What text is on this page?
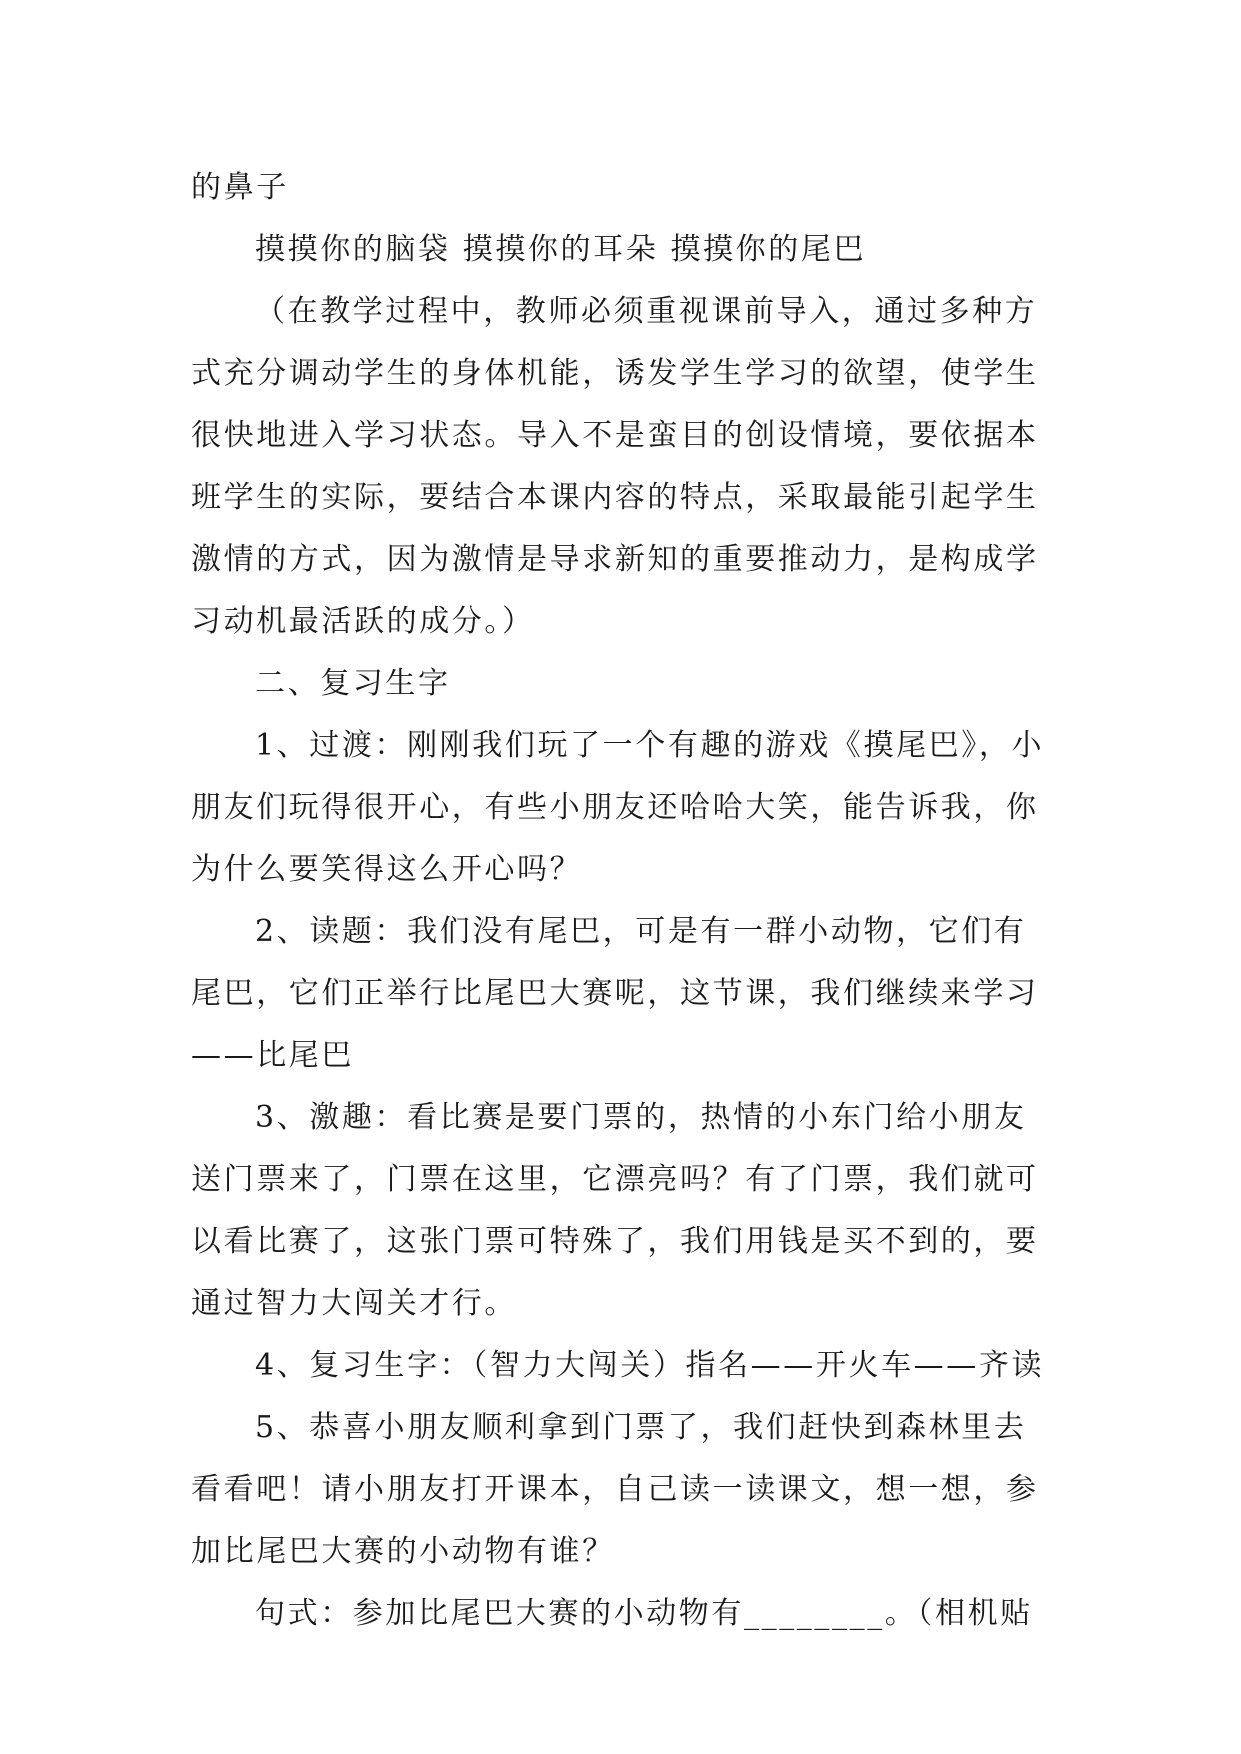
的鼻子

摸摸你的脑袋 摸摸你的耳朵 摸摸你的尾巴

（在教学过程中，教师必须重视课前导入，通过多种方式充分调动学生的身体机能，诱发学生学习的欲望，使学生很快地进入学习状态。导入不是蛮目的创设情境，要依据本班学生的实际，要结合本课内容的特点，采取最能引起学生激情的方式，因为激情是导求新知的重要推动力，是构成学习动机最活跃的成分。）

二、复习生字

1、过渡：刚刚我们玩了一个有趣的游戏《摸尾巴》，小朋友们玩得很开心，有些小朋友还哈哈大笑，能告诉我，你为什么要笑得这么开心吗？

2、读题：我们没有尾巴，可是有一群小动物，它们有尾巴，它们正举行比尾巴大赛呢，这节课，我们继续来学习——比尾巴

3、激趣：看比赛是要门票的，热情的小东门给小朋友送门票来了，门票在这里，它漂亮吗？有了门票，我们就可以看比赛了，这张门票可特殊了，我们用钱是买不到的，要通过智力大闯关才行。

4、复习生字：（智力大闯关）指名——开火车——齐读

5、恭喜小朋友顺利拿到门票了，我们赶快到森林里去看看吧！请小朋友打开课本，自己读一读课文，想一想，参加比尾巴大赛的小动物有谁？

句式：参加比尾巴大赛的小动物有________。（相机贴
